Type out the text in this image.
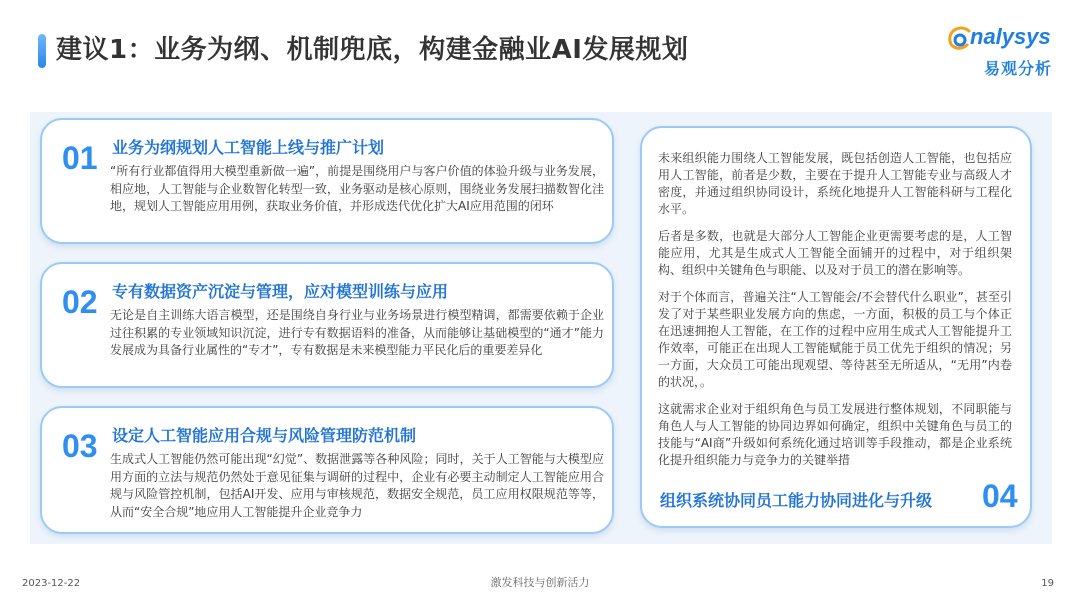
建议1：业务为纲、机制兜底，构建金融业AI发展规划	nalysys
易观分析
01 业务为纲规划人工智能上线与推广计划
“所有行业都值得用大模型重新做一遍”，前提是围绕用户与客户价值的体验升级与业务发展，相应地，人工智能与企业数智化转型一致，业务驱动是核心原则，围绕业务发展扫描数智化洼地，规划人工智能应用用例，获取业务价值，并形成迭代优化扩大AI应用范围的闭环
02 专有数据资产沉淀与管理，应对模型训练与应用
无论是自主训练大语言模型，还是围绕自身行业与业务场景进行模型精调，都需要依赖于企业过往积累的专业领域知识沉淀，进行专有数据语料的准备，从而能够让基础模型的“通才”能力发展成为具备行业属性的“专才”，专有数据是未来模型能力平民化后的重要差异化
03 设定人工智能应用合规与风险管理防范机制
生成式人工智能仍然可能出现“幻觉”、数据泄露等各种风险；同时，关于人工智能与大模型应用方面的立法与规范仍然处于意见征集与调研的过程中，企业有必要主动制定人工智能应用合规与风险管控机制，包括AI开发、应用与审核规范，数据安全规范，员工应用权限规范等等，从而“安全合规”地应用人工智能提升企业竞争力

未来组织能力围绕人工智能发展，既包括创造人工智能，也包括应用人工智能，前者是少数，主要在于提升人工智能专业与高级人才密度，并通过组织协同设计，系统化地提升人工智能科研与工程化水平。

后者是多数，也就是大部分人工智能企业更需要考虑的是，人工智能应用，尤其是生成式人工智能全面铺开的过程中，对于组织架构、组织中关键角色与职能、以及对于员工的潜在影响等。

对于个体而言，普遍关注“人工智能会/不会替代什么职业”，甚至引发了对于某些职业发展方向的焦虑，一方面，积极的员工与个体正在迅速拥抱人工智能，在工作的过程中应用生成式人工智能提升工作效率，可能正在出现人工智能赋能于员工优先于组织的情况；另一方面，大众员工可能出现观望、等待甚至无所适从，“无用”内卷的状况，。

这就需求企业对于组织角色与员工发展进行整体规划，不同职能与角色人与人工智能的协同边界如何确定，组织中关键角色与员工的技能与“AI商”升级如何系统化通过培训等手段推动，都是企业系统化提升组织能力与竞争力的关键举措

组织系统协同员工能力协同进化与升级 04
2023-12-22	激发科技与创新活力	19
